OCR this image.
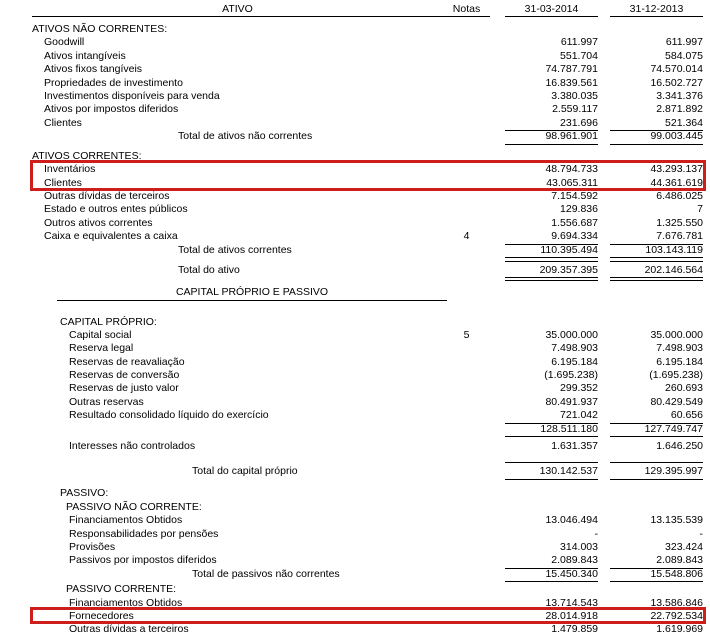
ATIVO	Notas	31-03-2014	31-12-2013
ATIVOS NÃO CORRENTES:
Goodwill	611.997	611.997
Ativos intangíveis	551.704	584.075
Ativos fixos tangíveis	74.787.791	74.570.014
Propriedades de investimento	16.839.561	16.502.727
Investimentos disponíveis para venda	3.380.035	3.341.376
Ativos por impostos diferidos	2.559.117	2.871.892
Clientes	231.696	521.364
Total de ativos não correntes	98.961.901	99.003.445
ATIVOS CORRENTES:
Inventários	48.794.733	43.293.137
Clientes	43.065.311	44.361.619
Outras dívidas de terceiros	7.154.592	6.486.025
Estado e outros entes públicos	129.836	7
Outros ativos correntes	1.556.687	1.325.550
Caixa e equivalentes a caixa	4	9.694.334	7.676.781
Total de ativos correntes	110.395.494	103.143.119
Total do ativo	209.357.395	202.146.564
CAPITAL PRÓPRIO E PASSIVO
CAPITAL PRÓPRIO:
Capital social	5	35.000.000	35.000.000
Reserva legal	7.498.903	7.498.903
Reservas de reavaliação	6.195.184	6.195.184
Reservas de conversão	(1.695.238)	(1.695.238)
Reservas de justo valor	299.352	260.693
Outras reservas	80.491.937	80.429.549
Resultado consolidado líquido do exercício	721.042	60.656
128.511.180	127.749.747
Interesses não controlados	1.631.357	1.646.250
Total do capital próprio	130.142.537	129.395.997
PASSIVO:
PASSIVO NÃO CORRENTE:
Financiamentos Obtidos	13.046.494	13.135.539
Responsabilidades por pensões	-	-
Provisões	314.003	323.424
Passivos por impostos diferidos	2.089.843	2.089.843
Total de passivos não correntes	15.450.340	15.548.806
PASSIVO CORRENTE:
Financiamentos Obtidos	13.714.543	13.586.846
Fornecedores	28.014.918	22.792.534
Outras dívidas a terceiros	1.479.859	1.619.969
